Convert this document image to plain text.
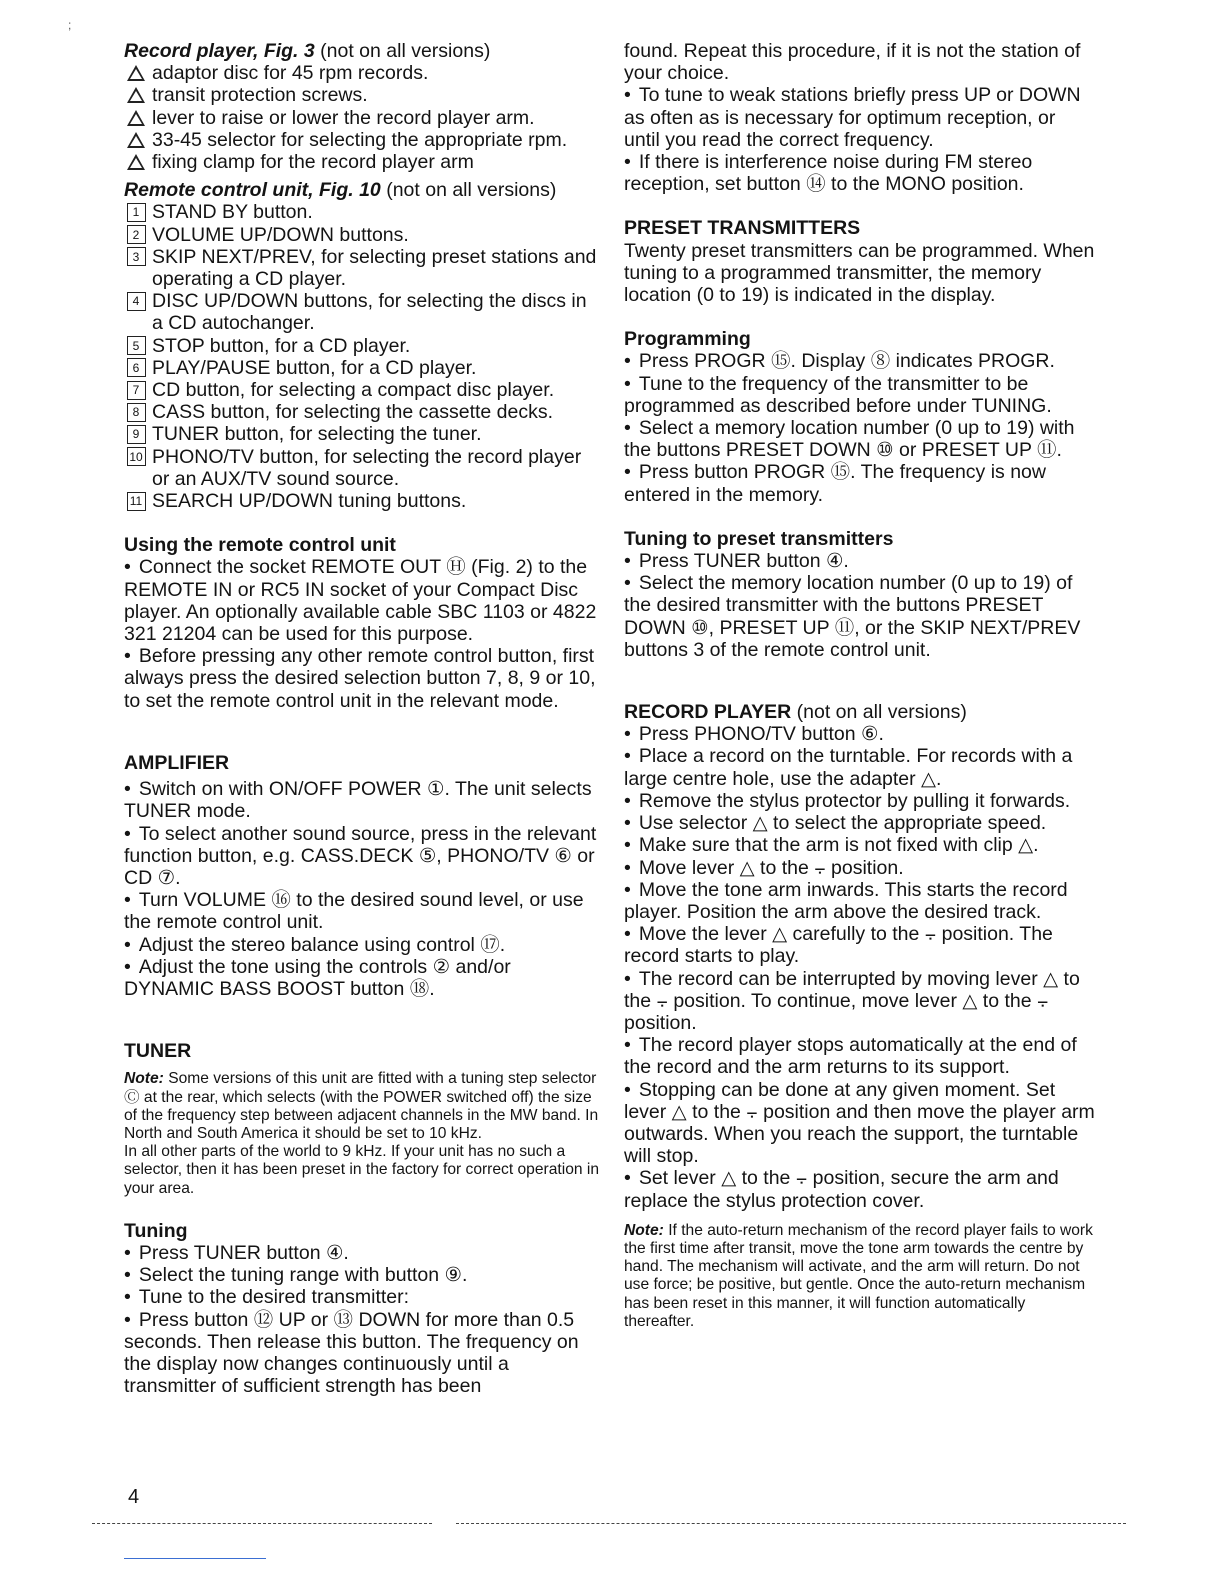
;
Record player, Fig. 3 (not on all versions)
adaptor disc for 45 rpm records.
transit protection screws.
lever to raise or lower the record player arm.
33-45 selector for selecting the appropriate rpm.
fixing clamp for the record player arm
Remote control unit, Fig. 10 (not on all versions)
1 STAND BY button.
2 VOLUME UP/DOWN buttons.
3 SKIP NEXT/PREV, for selecting preset stations and operating a CD player.
4 DISC UP/DOWN buttons, for selecting the discs in a CD autochanger.
5 STOP button, for a CD player.
6 PLAY/PAUSE button, for a CD player.
7 CD button, for selecting a compact disc player.
8 CASS button, for selecting the cassette decks.
9 TUNER button, for selecting the tuner.
10 PHONO/TV button, for selecting the record player or an AUX/TV sound source.
11 SEARCH UP/DOWN tuning buttons.
Using the remote control unit
• Connect the socket REMOTE OUT Ⓗ (Fig. 2) to the REMOTE IN or RC5 IN socket of your Compact Disc player. An optionally available cable SBC 1103 or 4822 321 21204 can be used for this purpose.
• Before pressing any other remote control button, first always press the desired selection button 7, 8, 9 or 10, to set the remote control unit in the relevant mode.
AMPLIFIER
• Switch on with ON/OFF POWER ①. The unit selects TUNER mode.
• To select another sound source, press in the relevant function button, e.g. CASS.DECK ⑤, PHONO/TV ⑥ or CD ⑦.
• Turn VOLUME ⑯ to the desired sound level, or use the remote control unit.
• Adjust the stereo balance using control ⑰.
• Adjust the tone using the controls ② and/or DYNAMIC BASS BOOST button ⑱.
TUNER
Note: Some versions of this unit are fitted with a tuning step selector Ⓒ at the rear, which selects (with the POWER switched off) the size of the frequency step between adjacent channels in the MW band. In North and South America it should be set to 10 kHz.
In all other parts of the world to 9 kHz. If your unit has no such a selector, then it has been preset in the factory for correct operation in your area.
Tuning
• Press TUNER button ④.
• Select the tuning range with button ⑨.
• Tune to the desired transmitter:
• Press button ⑫ UP or ⑬ DOWN for more than 0.5 seconds. Then release this button. The frequency on the display now changes continuously until a transmitter of sufficient strength has been
found. Repeat this procedure, if it is not the station of your choice.
• To tune to weak stations briefly press UP or DOWN as often as is necessary for optimum reception, or until you read the correct frequency.
• If there is interference noise during FM stereo reception, set button ⑭ to the MONO position.
PRESET TRANSMITTERS
Twenty preset transmitters can be programmed. When tuning to a programmed transmitter, the memory location (0 to 19) is indicated in the display.
Programming
• Press PROGR ⑮. Display ⑧ indicates PROGR.
• Tune to the frequency of the transmitter to be programmed as described before under TUNING.
• Select a memory location number (0 up to 19) with the buttons PRESET DOWN ⑩ or PRESET UP ⑪.
• Press button PROGR ⑮. The frequency is now entered in the memory.
Tuning to preset transmitters
• Press TUNER button ④.
• Select the memory location number (0 up to 19) of the desired transmitter with the buttons PRESET DOWN ⑩, PRESET UP ⑪, or the SKIP NEXT/PREV buttons 3 of the remote control unit.
RECORD PLAYER (not on all versions)
• Press PHONO/TV button ⑥.
• Place a record on the turntable. For records with a large centre hole, use the adapter △.
• Remove the stylus protector by pulling it forwards.
• Use selector △ to select the appropriate speed.
• Make sure that the arm is not fixed with clip △.
• Move lever △ to the ⨪ position.
• Move the tone arm inwards. This starts the record player. Position the arm above the desired track.
• Move the lever △ carefully to the ⨪ position. The record starts to play.
• The record can be interrupted by moving lever △ to the ⨪ position. To continue, move lever △ to the ⨪ position.
• The record player stops automatically at the end of the record and the arm returns to its support.
• Stopping can be done at any given moment. Set lever △ to the ⨪ position and then move the player arm outwards. When you reach the support, the turntable will stop.
• Set lever △ to the ⨪ position, secure the arm and replace the stylus protection cover.
Note: If the auto-return mechanism of the record player fails to work the first time after transit, move the tone arm towards the centre by hand. The mechanism will activate, and the arm will return. Do not use force; be positive, but gentle. Once the auto-return mechanism has been reset in this manner, it will function automatically thereafter.
4
